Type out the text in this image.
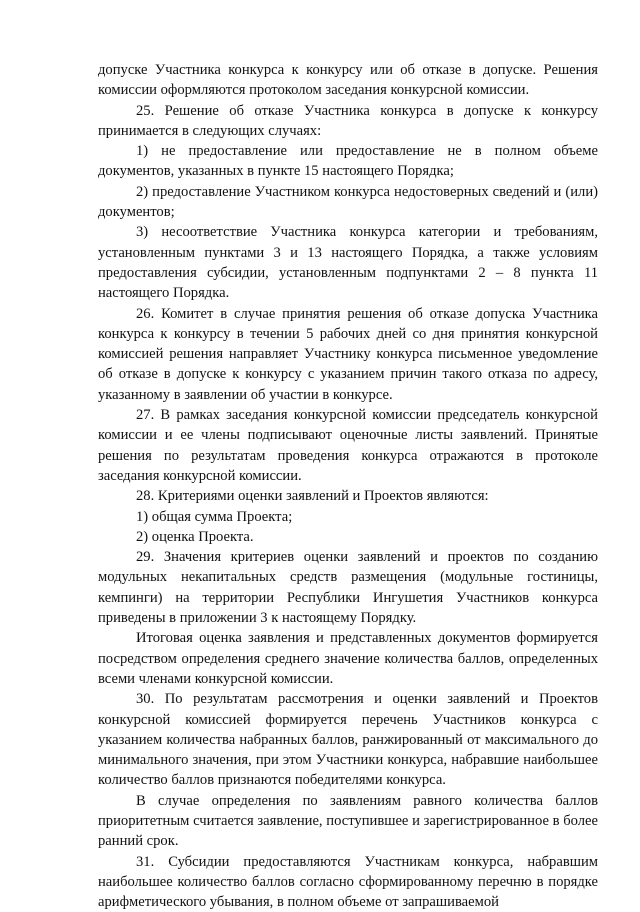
допуске Участника конкурса к конкурсу или об отказе в допуске. Решения комиссии оформляются протоколом заседания конкурсной комиссии.

25. Решение об отказе Участника конкурса в допуске к конкурсу принимается в следующих случаях:

1) не предоставление или предоставление не в полном объеме документов, указанных в пункте 15 настоящего Порядка;

2) предоставление Участником конкурса недостоверных сведений и (или) документов;

3) несоответствие Участника конкурса категории и требованиям, установленным пунктами 3 и 13 настоящего Порядка, а также условиям предоставления субсидии, установленным подпунктами 2 – 8 пункта 11 настоящего Порядка.

26. Комитет в случае принятия решения об отказе допуска Участника конкурса к конкурсу в течении 5 рабочих дней со дня принятия конкурсной комиссией решения направляет Участнику конкурса письменное уведомление об отказе в допуске к конкурсу с указанием причин такого отказа по адресу, указанному в заявлении об участии в конкурсе.

27. В рамках заседания конкурсной комиссии председатель конкурсной комиссии и ее члены подписывают оценочные листы заявлений. Принятые решения по результатам проведения конкурса отражаются в протоколе заседания конкурсной комиссии.

28. Критериями оценки заявлений и Проектов являются:

1) общая сумма Проекта;

2) оценка Проекта.

29. Значения критериев оценки заявлений и проектов по созданию модульных некапитальных средств размещения (модульные гостиницы, кемпинги) на территории Республики Ингушетия Участников конкурса приведены в приложении 3 к настоящему Порядку.

Итоговая оценка заявления и представленных документов формируется посредством определения среднего значение количества баллов, определенных всеми членами конкурсной комиссии.

30. По результатам рассмотрения и оценки заявлений и Проектов конкурсной комиссией формируется перечень Участников конкурса с указанием количества набранных баллов, ранжированный от максимального до минимального значения, при этом Участники конкурса, набравшие наибольшее количество баллов признаются победителями конкурса.

В случае определения по заявлениям равного количества баллов приоритетным считается заявление, поступившее и зарегистрированное в более ранний срок.

31. Субсидии предоставляются Участникам конкурса, набравшим наибольшее количество баллов согласно сформированному перечню в порядке арифметического убывания, в полном объеме от запрашиваемой
